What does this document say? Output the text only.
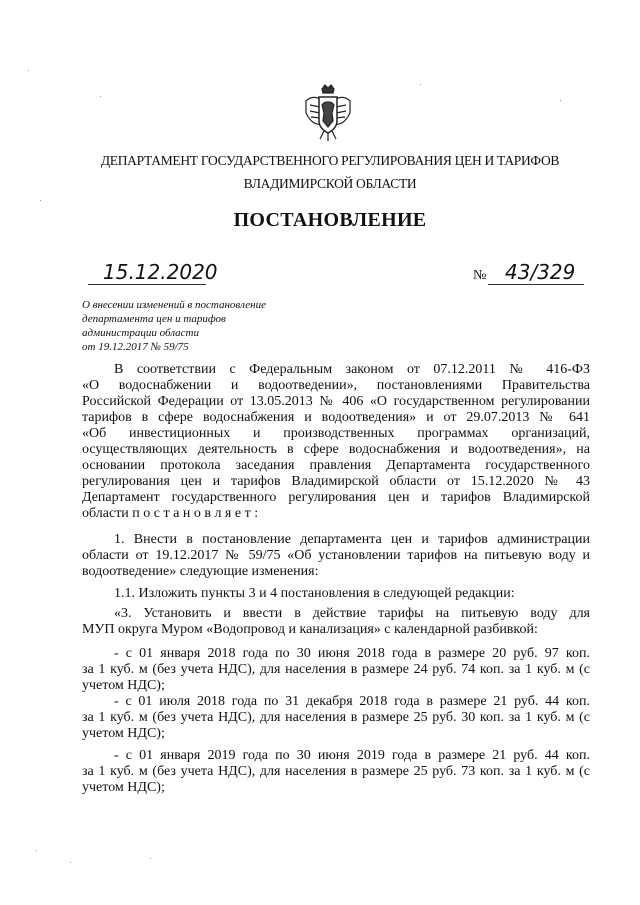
ДЕПАРТАМЕНТ ГОСУДАРСТВЕННОГО РЕГУЛИРОВАНИЯ ЦЕН И ТАРИФОВ
ВЛАДИМИРСКОЙ ОБЛАСТИ
ПОСТАНОВЛЕНИЕ
15.12.2020	№ 43/329
О внесении изменений в постановление
департамента цен и тарифов
администрации области
от 19.12.2017 № 59/75
В соответствии с Федеральным законом от 07.12.2011 № 416-ФЗ
«О водоснабжении и водоотведении», постановлениями Правительства
Российской Федерации от 13.05.2013 № 406 «О государственном регулировании
тарифов в сфере водоснабжения и водоотведения» и от 29.07.2013 № 641
«Об инвестиционных и производственных программах организаций,
осуществляющих деятельность в сфере водоснабжения и водоотведения», на
основании протокола заседания правления Департамента государственного
регулирования цен и тарифов Владимирской области от 15.12.2020 № 43
Департамент государственного регулирования цен и тарифов Владимирской
области п о с т а н о в л я е т :
1. Внести в постановление департамента цен и тарифов администрации
области от 19.12.2017 № 59/75 «Об установлении тарифов на питьевую воду и
водоотведение» следующие изменения:
1.1. Изложить пункты 3 и 4 постановления в следующей редакции:
«3. Установить и ввести в действие тарифы на питьевую воду для
МУП округа Муром «Водопровод и канализация» с календарной разбивкой:
- с 01 января 2018 года по 30 июня 2018 года в размере 20 руб. 97 коп.
за 1 куб. м (без учета НДС), для населения в размере 24 руб. 74 коп. за 1 куб. м (с
учетом НДС);
- с 01 июля 2018 года по 31 декабря 2018 года в размере 21 руб. 44 коп.
за 1 куб. м (без учета НДС), для населения в размере 25 руб. 30 коп. за 1 куб. м (с
учетом НДС);
- с 01 января 2019 года по 30 июня 2019 года в размере 21 руб. 44 коп.
за 1 куб. м (без учета НДС), для населения в размере 25 руб. 73 коп. за 1 куб. м (с
учетом НДС);
